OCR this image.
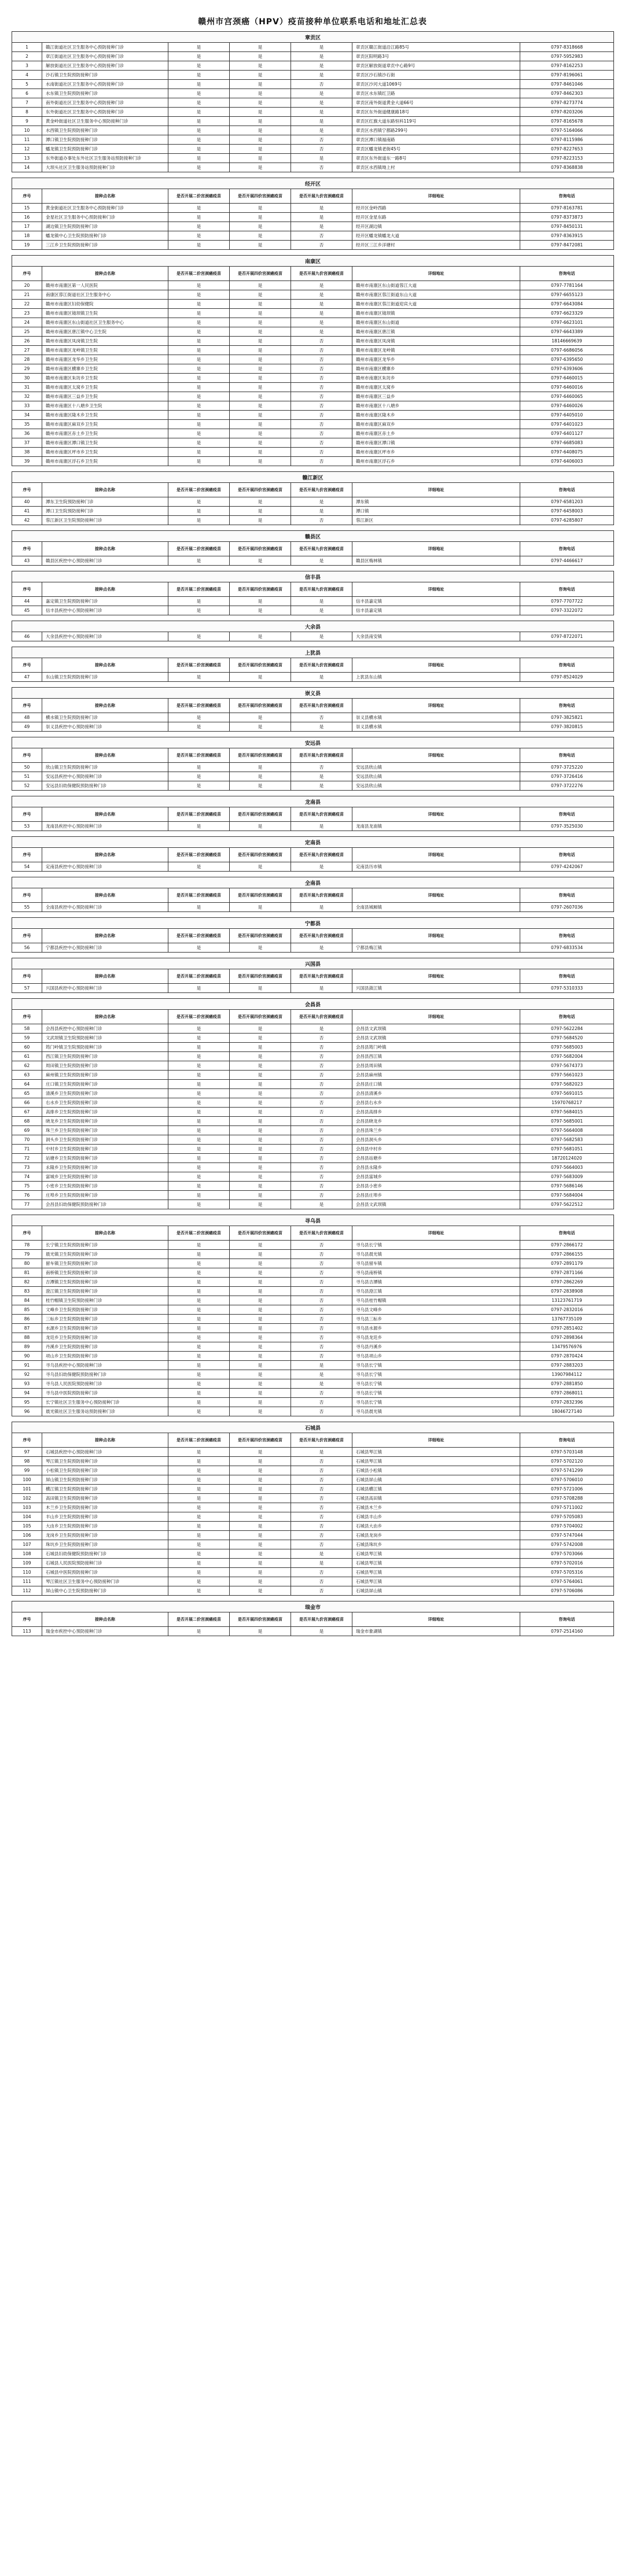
赣州市宫颈癌（HPV）疫苗接种单位联系电话和地址汇总表
章贡区						
1	赣江街道社区卫生服务中心预防接种门诊	是	是	是	章贡区赣江街道沿江路85号	0797-8318668
2	章江街道社区卫生服务中心预防接种门诊	是	是	是	章贡区阳明路3号	0797-5952983
3	解放街道社区卫生服务中心预防接种门诊	是	是	是	章贡区解放街道章贡中心路9号	0797-8162253
4	沙石镇卫生院预防接种门诊	是	是	是	章贡区沙石镇沙石街	0797-8196061
5	水南街道社区卫生服务中心预防接种门诊	是	是	否	章贡区沙河大道1069号	0797-8461046
6	水东镇卫生院预防接种门诊	是	是	是	章贡区水东镇红卫路	0797-8462303
7	南外街道社区卫生服务中心预防接种门诊	是	是	是	章贡区南外街道黄金大道66号	0797-8273774
8	东外街道社区卫生服务中心预防接种门诊	是	是	是	章贡区东外街道健康路18号	0797-8203206
9	黄金岭街道社区卫生服务中心预防接种门诊	是	是	是	章贡区红旗大道东路恒科119号	0797-8165678
10	水西镇卫生院预防接种门诊	是	是	是	章贡区水西镇宁都路299号	0797-5164066
11	潭口镇卫生院预防接种门诊	是	是	否	章贡区潭口镇福南路	0797-8115986
12	蟠龙镇卫生院预防接种门诊	是	是	否	章贡区蟠龙镇老街45号	0797-8227653
13	东外街道办事处东外社区卫生服务站预防接种门诊	是	是	是	章贡区东外街道东一路8号	0797-8223153
14	大坝头社区卫生服务站预防接种门诊	是	是	否	章贡区水西镇坳上村	0797-8368838

经开区						
序号	接种点名称	是否开展二价宫颈癌疫苗	是否开展四价宫颈癌疫苗	是否开展九价宫颈癌疫苗	详细地址	咨询电话
15	黄金街道社区卫生服务中心预防接种门诊	是	是	是	经开区金岭西路	0797-8163781
16	金星社区卫生服务中心预防接种门诊	是	是	是	经开区金星东路	0797-8373873
17	湖边镇卫生院预防接种门诊	是	是	是	经开区湖边镇	0797-8450131
18	蟠龙镇中心卫生院预防接种门诊	是	是	否	经开区蟠龙镇蟠龙大道	0797-8363915
19	三江乡卫生院预防接种门诊	是	是	否	经开区三江乡洋塘村	0797-8472081

南康区						
序号	接种点名称	是否开展二价宫颈癌疫苗	是否开展四价宫颈癌疫苗	是否开展九价宫颈癌疫苗	详细地址	咨询电话
20	赣州市南康区第一人民医院	是	是	是	赣州市南康区东山街道蓉江大道	0797-7781164
21	南康区蓉江街道社区卫生服务中心	是	是	是	赣州市南康区蓉江街道东山大道	0797-6655123
22	赣州市南康区妇幼保健院	是	是	是	赣州市南康区蓉江街道迎宾大道	0797-6643084
23	赣州市南康区镜坝镇卫生院	是	是	是	赣州市南康区镜坝镇	0797-6623329
24	赣州市南康区东山街道社区卫生服务中心	是	是	是	赣州市南康区东山街道	0797-6623101
25	赣州市南康区唐江镇中心卫生院	是	是	是	赣州市南康区唐江镇	0797-6643389
26	赣州市南康区凤岗镇卫生院	是	是	否	赣州市南康区凤岗镇	18146669639
27	赣州市南康区龙岭镇卫生院	是	是	否	赣州市南康区龙岭镇	0797-6686056
28	赣州市南康区龙华乡卫生院	是	是	否	赣州市南康区龙华乡	0797-6395650
29	赣州市南康区横寨乡卫生院	是	是	否	赣州市南康区横寨乡	0797-6393606
30	赣州市南康区朱坊乡卫生院	是	是	否	赣州市南康区朱坊乡	0797-6460015
31	赣州市南康区太窝乡卫生院	是	是	否	赣州市南康区太窝乡	0797-6460016
32	赣州市南康区三益乡卫生院	是	是	否	赣州市南康区三益乡	0797-6460065
33	赣州市南康区十八塘乡卫生院	是	是	否	赣州市南康区十八塘乡	0797-6460026
34	赣州市南康区隆木乡卫生院	是	是	否	赣州市南康区隆木乡	0797-6405010
35	赣州市南康区麻双乡卫生院	是	是	否	赣州市南康区麻双乡	0797-6401023
36	赣州市南康区赤土乡卫生院	是	是	否	赣州市南康区赤土乡	0797-6401127
37	赣州市南康区潭口镇卫生院	是	是	否	赣州市南康区潭口镇	0797-6685083
38	赣州市南康区坪市乡卫生院	是	是	否	赣州市南康区坪市乡	0797-6408075
39	赣州市南康区浮石乡卫生院	是	是	否	赣州市南康区浮石乡	0797-6406003

赣江新区						
序号	接种点名称	是否开展二价宫颈癌疫苗	是否开展四价宫颈癌疫苗	是否开展九价宫颈癌疫苗	详细地址	咨询电话
40	潭东卫生院预防接种门诊	是	是	是	潭东镇	0797-6581203
41	潭口卫生院预防接种门诊	是	是	是	潭口镇	0797-6458003
42	蓉江新区卫生院预防接种门诊	是	是	否	蓉江新区	0797-6285807

赣县区						
序号	接种点名称	是否开展二价宫颈癌疫苗	是否开展四价宫颈癌疫苗	是否开展九价宫颈癌疫苗	详细地址	咨询电话
43	赣县区疾控中心预防接种门诊	是	是	是	赣县区梅林镇	0797-4466617

信丰县						
序号	接种点名称	是否开展二价宫颈癌疫苗	是否开展四价宫颈癌疫苗	是否开展九价宫颈癌疫苗	详细地址	咨询电话
44	嘉定镇卫生院预防接种门诊	是	是	是	信丰县嘉定镇	0797-7707722
45	信丰县疾控中心预防接种门诊	是	是	是	信丰县嘉定镇	0797-3322072

大余县						
46	大余县疾控中心预防接种门诊	是	是	是	大余县南安镇	0797-8722071

上犹县						
序号	接种点名称	是否开展二价宫颈癌疫苗	是否开展四价宫颈癌疫苗	是否开展九价宫颈癌疫苗	详细地址	咨询电话
47	东山镇卫生院预防接种门诊	是	是	是	上犹县东山镇	0797-8524029

崇义县						
序号	接种点名称	是否开展二价宫颈癌疫苗	是否开展四价宫颈癌疫苗	是否开展九价宫颈癌疫苗	详细地址	咨询电话
48	横水镇卫生院预防接种门诊	是	是	否	崇义县横水镇	0797-3825821
49	崇义县疾控中心预防接种门诊	是	是	是	崇义县横水镇	0797-3820815

安远县						
序号	接种点名称	是否开展二价宫颈癌疫苗	是否开展四价宫颈癌疫苗	是否开展九价宫颈癌疫苗	详细地址	咨询电话
50	欣山镇卫生院预防接种门诊	是	是	否	安远县欣山镇	0797-3725220
51	安远县疾控中心预防接种门诊	是	是	是	安远县欣山镇	0797-3726416
52	安远县妇幼保健院预防接种门诊	是	是	是	安远县欣山镇	0797-3722276

龙南县						
序号	接种点名称	是否开展二价宫颈癌疫苗	是否开展四价宫颈癌疫苗	是否开展九价宫颈癌疫苗	详细地址	咨询电话
53	龙南县疾控中心预防接种门诊	是	是	是	龙南县龙南镇	0797-3525030

定南县						
序号	接种点名称	是否开展二价宫颈癌疫苗	是否开展四价宫颈癌疫苗	是否开展九价宫颈癌疫苗	详细地址	咨询电话
54	定南县疾控中心预防接种门诊	是	是	是	定南县历市镇	0797-4242067

全南县						
序号	接种点名称	是否开展二价宫颈癌疫苗	是否开展四价宫颈癌疫苗	是否开展九价宫颈癌疫苗	详细地址	咨询电话
55	全南县疾控中心预防接种门诊	是	是	是	全南县城厢镇	0797-2607036

宁都县						
序号	接种点名称	是否开展二价宫颈癌疫苗	是否开展四价宫颈癌疫苗	是否开展九价宫颈癌疫苗	详细地址	咨询电话
56	宁都县疾控中心预防接种门诊	是	是	是	宁都县梅江镇	0797-6833534

兴国县						
序号	接种点名称	是否开展二价宫颈癌疫苗	是否开展四价宫颈癌疫苗	是否开展九价宫颈癌疫苗	详细地址	咨询电话
57	兴国县疾控中心预防接种门诊	是	是	是	兴国县潋江镇	0797-5310333

会昌县						
序号	接种点名称	是否开展二价宫颈癌疫苗	是否开展四价宫颈癌疫苗	是否开展九价宫颈癌疫苗	详细地址	咨询电话
58	会昌县疾控中心预防接种门诊	是	是	是	会昌县文武坝镇	0797-5622284
59	文武坝镇卫生院预防接种门诊	是	是	否	会昌县文武坝镇	0797-5684520
60	筠门岭镇卫生院预防接种门诊	是	是	否	会昌县筠门岭镇	0797-5685003
61	西江镇卫生院预防接种门诊	是	是	否	会昌县西江镇	0797-5682004
62	周田镇卫生院预防接种门诊	是	是	否	会昌县周田镇	0797-5674373
63	麻州镇卫生院预防接种门诊	是	是	否	会昌县麻州镇	0797-5661023
64	庄口镇卫生院预防接种门诊	是	是	否	会昌县庄口镇	0797-5682023
65	清溪乡卫生院预防接种门诊	是	是	否	会昌县清溪乡	0797-5691015
66	右水乡卫生院预防接种门诊	是	是	否	会昌县右水乡	15970768217
67	高排乡卫生院预防接种门诊	是	是	否	会昌县高排乡	0797-5684015
68	晓龙乡卫生院预防接种门诊	是	是	否	会昌县晓龙乡	0797-5685001
69	珠兰乡卫生院预防接种门诊	是	是	否	会昌县珠兰乡	0797-5664008
70	洞头乡卫生院预防接种门诊	是	是	否	会昌县洞头乡	0797-5682583
71	中村乡卫生院预防接种门诊	是	是	否	会昌县中村乡	0797-5681051
72	站塘乡卫生院预防接种门诊	是	是	否	会昌县站塘乡	18720124020
73	永隆乡卫生院预防接种门诊	是	是	否	会昌县永隆乡	0797-5664003
74	富城乡卫生院预防接种门诊	是	是	否	会昌县富城乡	0797-5683009
75	小密乡卫生院预防接种门诊	是	是	否	会昌县小密乡	0797-5686146
76	庄埠乡卫生院预防接种门诊	是	是	否	会昌县庄埠乡	0797-5684004
77	会昌县妇幼保健院预防接种门诊	是	是	是	会昌县文武坝镇	0797-5622512

寻乌县						
序号	接种点名称	是否开展二价宫颈癌疫苗	是否开展四价宫颈癌疫苗	是否开展九价宫颈癌疫苗	详细地址	咨询电话
78	长宁镇卫生院预防接种门诊	是	是	否	寻乌县长宁镇	0797-2866172
79	晨光镇卫生院预防接种门诊	是	是	否	寻乌县晨光镇	0797-2866155
80	留车镇卫生院预防接种门诊	是	是	否	寻乌县留车镇	0797-2891179
81	南桥镇卫生院预防接种门诊	是	是	否	寻乌县南桥镇	0797-2871166
82	吉潭镇卫生院预防接种门诊	是	是	否	寻乌县吉潭镇	0797-2862269
83	澄江镇卫生院预防接种门诊	是	是	否	寻乌县澄江镇	0797-2838908
84	桂竹帽镇卫生院预防接种门诊	是	是	否	寻乌县桂竹帽镇	13123761719
85	文峰乡卫生院预防接种门诊	是	是	否	寻乌县文峰乡	0797-2832016
86	三标乡卫生院预防接种门诊	是	是	否	寻乌县三标乡	13767735109
87	水源乡卫生院预防接种门诊	是	是	否	寻乌县水源乡	0797-2851402
88	龙廷乡卫生院预防接种门诊	是	是	否	寻乌县龙廷乡	0797-2898364
89	丹溪乡卫生院预防接种门诊	是	是	否	寻乌县丹溪乡	13479576976
90	项山乡卫生院预防接种门诊	是	是	否	寻乌县项山乡	0797-2870424
91	寻乌县疾控中心预防接种门诊	是	是	是	寻乌县长宁镇	0797-2883203
92	寻乌县妇幼保健院预防接种门诊	是	是	是	寻乌县长宁镇	13907984112
93	寻乌县人民医院预防接种门诊	是	是	是	寻乌县长宁镇	0797-2881850
94	寻乌县中医院预防接种门诊	是	是	否	寻乌县长宁镇	0797-2868011
95	长宁镇社区卫生服务中心预防接种门诊	是	是	否	寻乌县长宁镇	0797-2832396
96	晨光镇社区卫生服务站预防接种门诊	是	是	否	寻乌县晨光镇	18046727140

石城县						
序号	接种点名称	是否开展二价宫颈癌疫苗	是否开展四价宫颈癌疫苗	是否开展九价宫颈癌疫苗	详细地址	咨询电话
97	石城县疾控中心预防接种门诊	是	是	是	石城县琴江镇	0797-5703148
98	琴江镇卫生院预防接种门诊	是	是	否	石城县琴江镇	0797-5702120
99	小松镇卫生院预防接种门诊	是	是	否	石城县小松镇	0797-5741299
100	屏山镇卫生院预防接种门诊	是	是	否	石城县屏山镇	0797-5706010
101	横江镇卫生院预防接种门诊	是	是	否	石城县横江镇	0797-5721006
102	高田镇卫生院预防接种门诊	是	是	否	石城县高田镇	0797-5708288
103	木兰乡卫生院预防接种门诊	是	是	否	石城县木兰乡	0797-5711002
104	丰山乡卫生院预防接种门诊	是	是	否	石城县丰山乡	0797-5705083
105	大由乡卫生院预防接种门诊	是	是	否	石城县大由乡	0797-5704002
106	龙岗乡卫生院预防接种门诊	是	是	否	石城县龙岗乡	0797-5747044
107	珠坑乡卫生院预防接种门诊	是	是	否	石城县珠坑乡	0797-5742008
108	石城县妇幼保健院预防接种门诊	是	是	是	石城县琴江镇	0797-5703066
109	石城县人民医院预防接种门诊	是	是	是	石城县琴江镇	0797-5702016
110	石城县中医院预防接种门诊	是	是	否	石城县琴江镇	0797-5705316
111	琴江镇社区卫生服务中心预防接种门诊	是	是	否	石城县琴江镇	0797-5764061
112	屏山镇中心卫生院预防接种门诊	是	是	否	石城县屏山镇	0797-5706086

瑞金市						
序号	接种点名称	是否开展二价宫颈癌疫苗	是否开展四价宫颈癌疫苗	是否开展九价宫颈癌疫苗	详细地址	咨询电话
113	瑞金市疾控中心预防接种门诊	是	是	是	瑞金市象湖镇	0797-2514160
